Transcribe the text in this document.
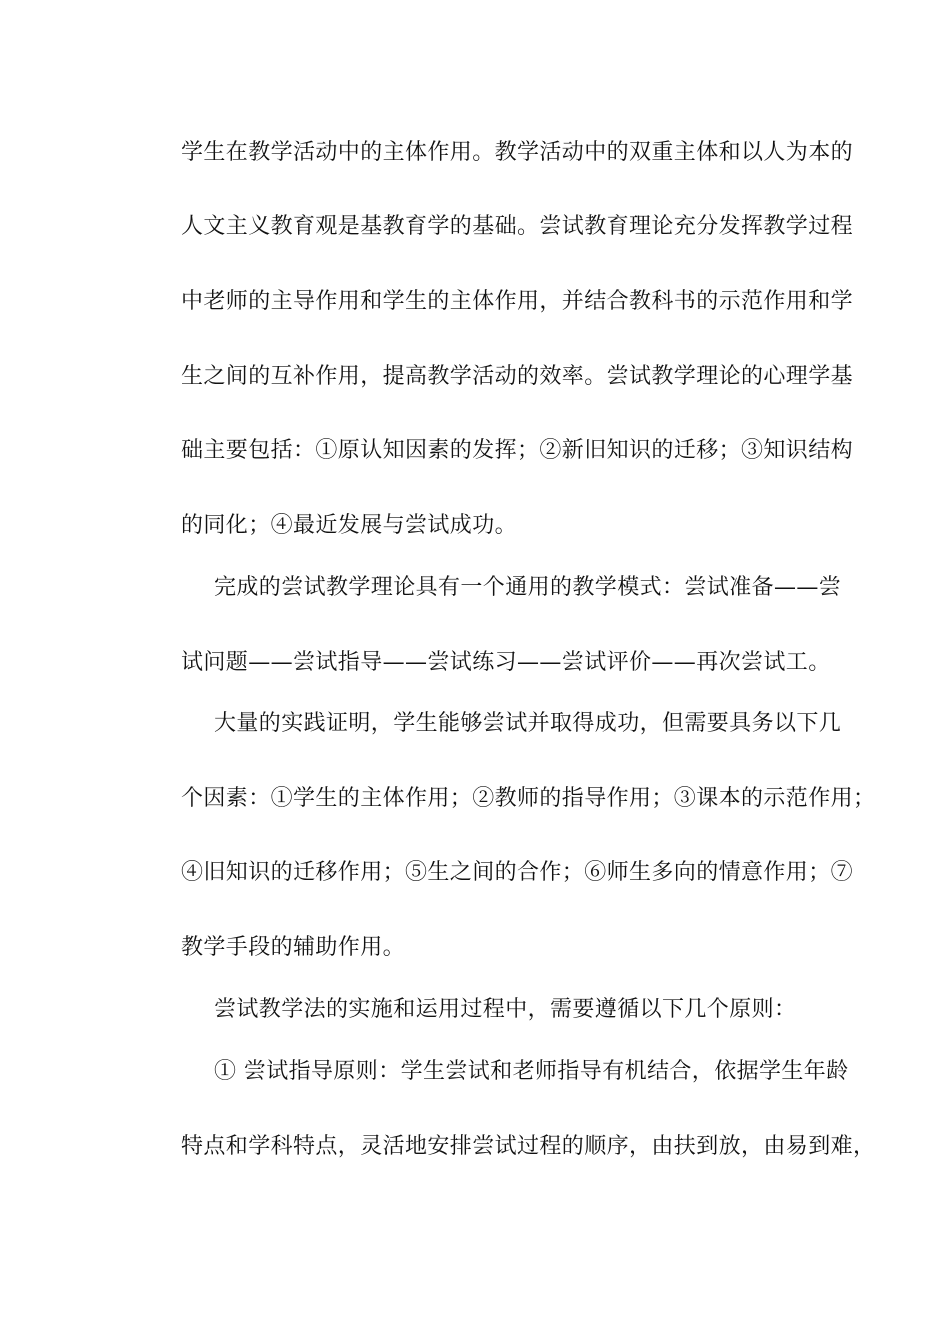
学生在教学活动中的主体作用。教学活动中的双重主体和以人为本的
人文主义教育观是基教育学的基础。尝试教育理论充分发挥教学过程
中老师的主导作用和学生的主体作用，并结合教科书的示范作用和学
生之间的互补作用，提高教学活动的效率。尝试教学理论的心理学基
础主要包括：①原认知因素的发挥；②新旧知识的迁移；③知识结构
的同化；④最近发展与尝试成功。
完成的尝试教学理论具有一个通用的教学模式：尝试准备——尝
试问题——尝试指导——尝试练习——尝试评价——再次尝试工。
大量的实践证明，学生能够尝试并取得成功，但需要具务以下几
个因素：①学生的主体作用；②教师的指导作用；③课本的示范作用；
④旧知识的迁移作用；⑤生之间的合作；⑥师生多向的情意作用；⑦
教学手段的辅助作用。
尝试教学法的实施和运用过程中，需要遵循以下几个原则：
① 尝试指导原则：学生尝试和老师指导有机结合，依据学生年龄
特点和学科特点，灵活地安排尝试过程的顺序，由扶到放，由易到难，
